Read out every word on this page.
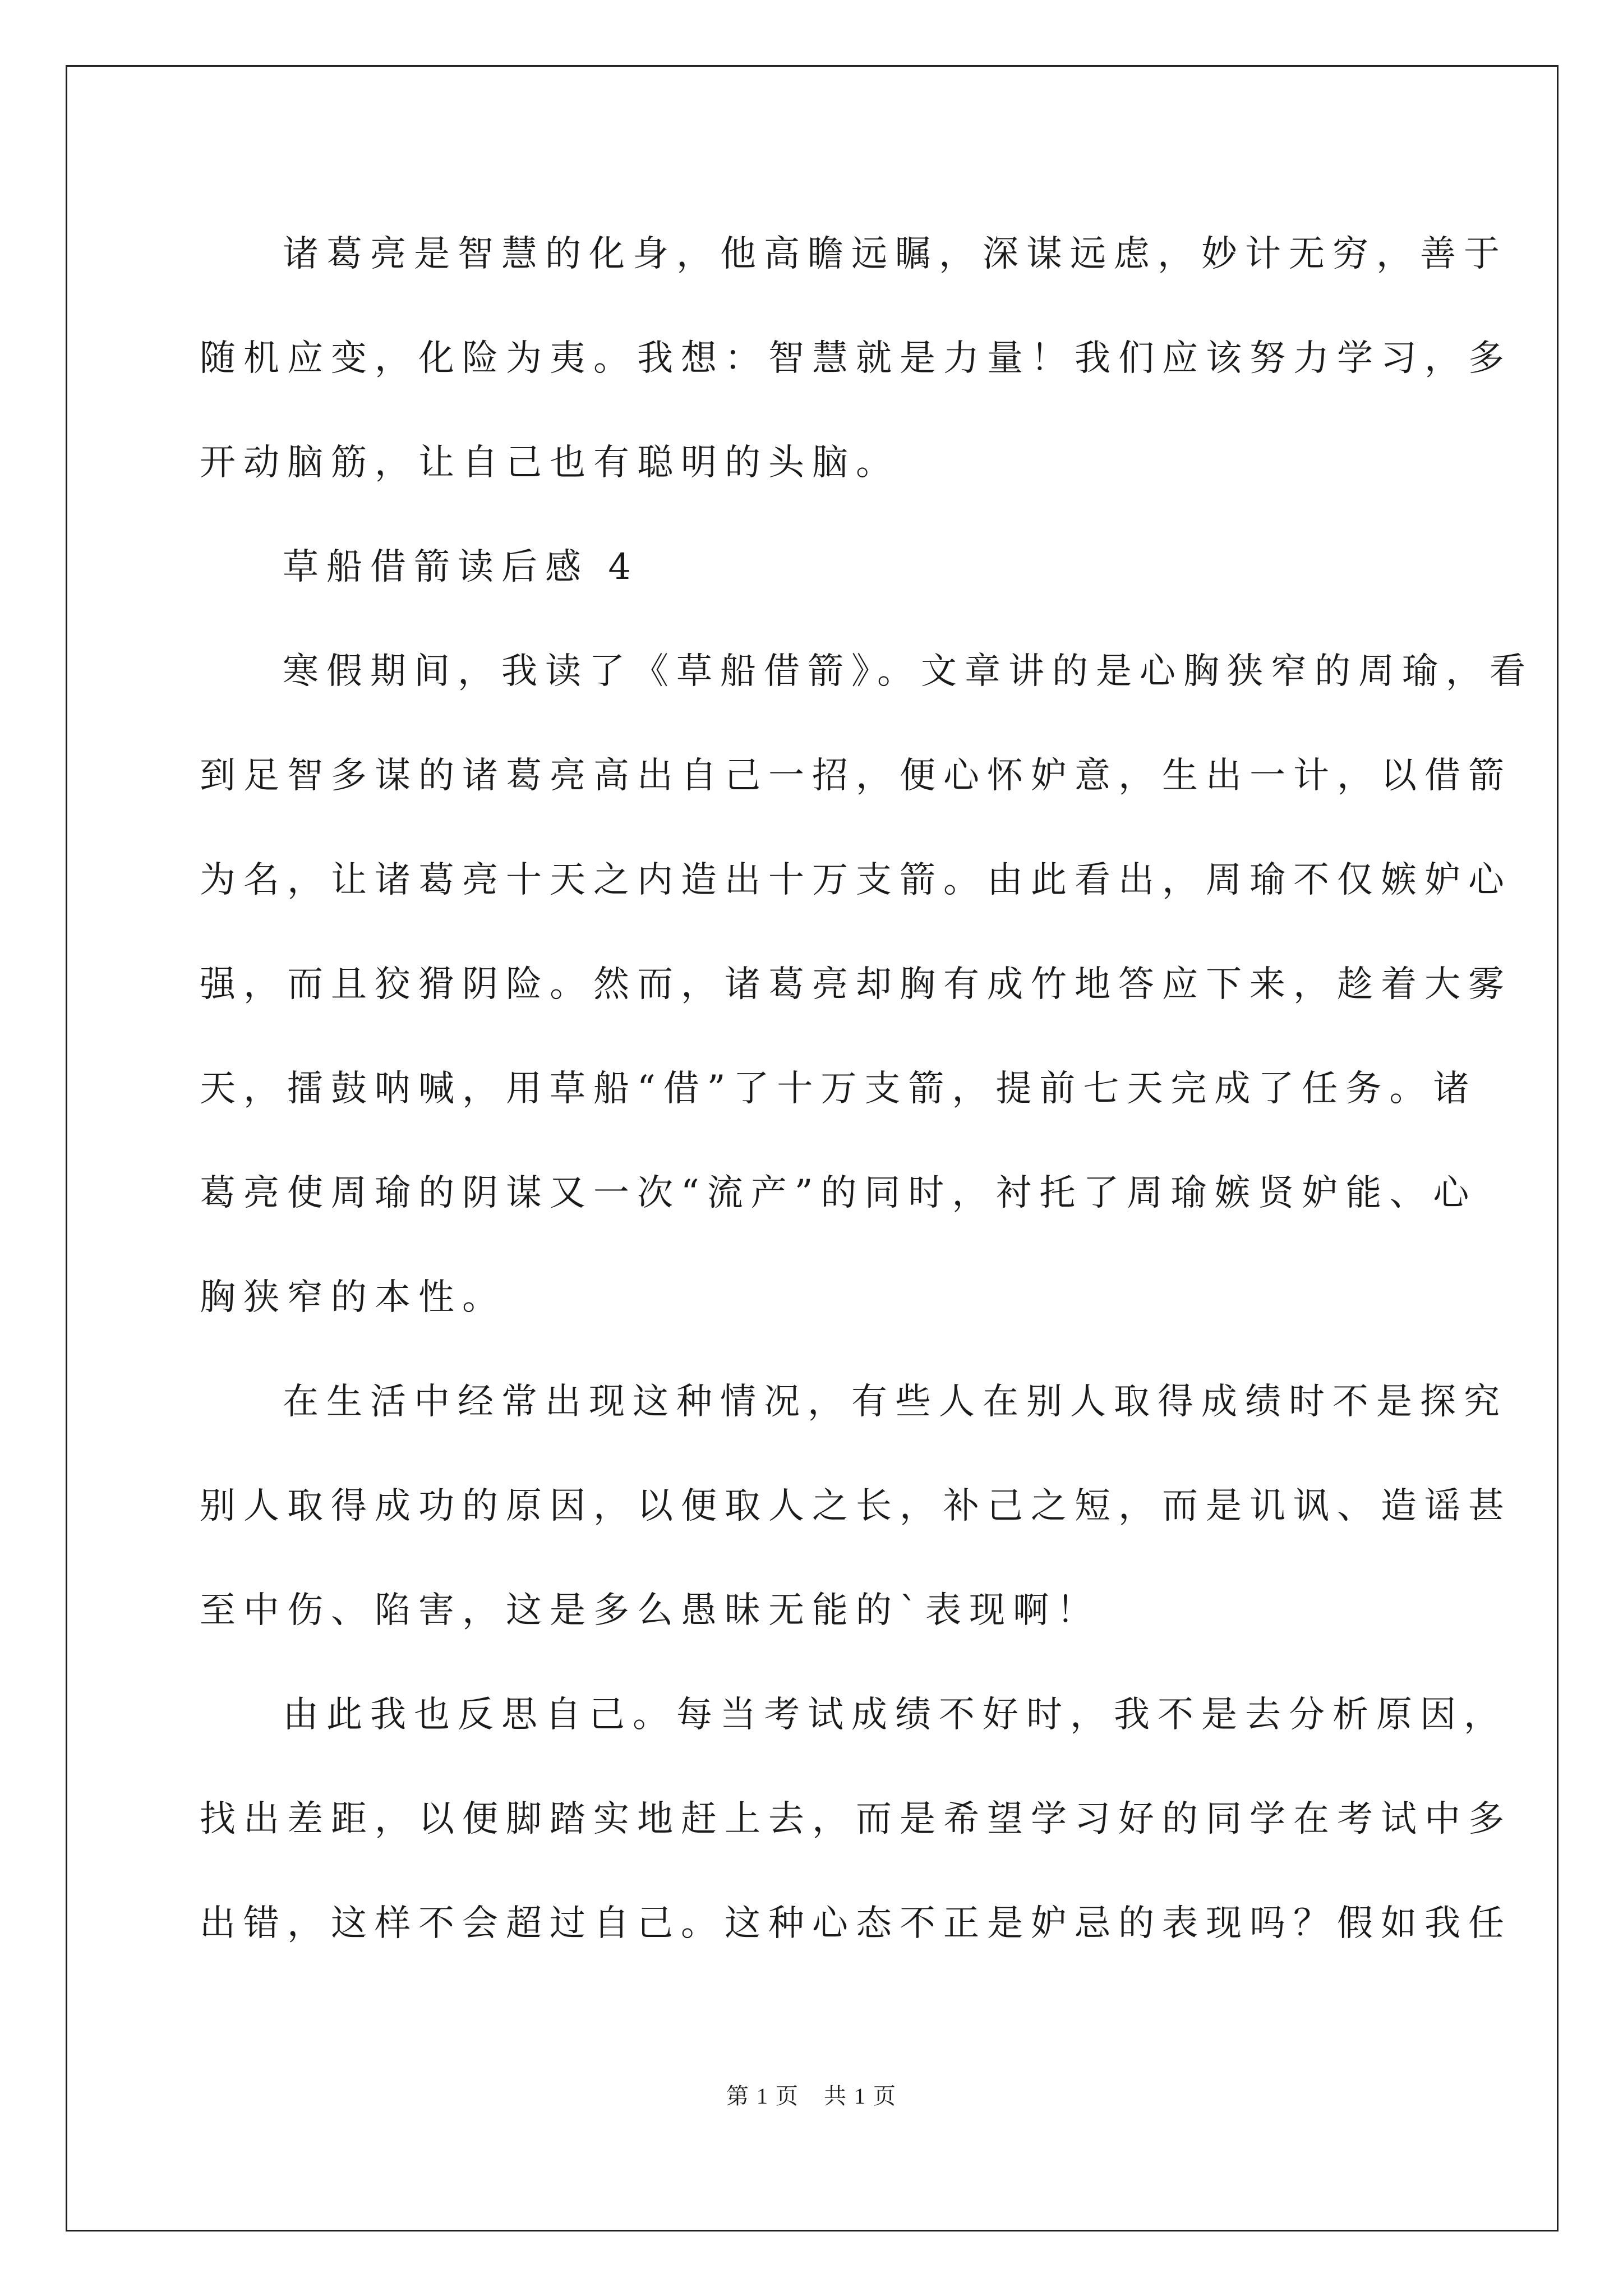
诸葛亮是智慧的化身，他高瞻远瞩，深谋远虑，妙计无穷，善于
随机应变，化险为夷。我想：智慧就是力量！我们应该努力学习，多
开动脑筋，让自己也有聪明的头脑。
草船借箭读后感 4
寒假期间，我读了《草船借箭》。文章讲的是心胸狭窄的周瑜，看
到足智多谋的诸葛亮高出自己一招，便心怀妒意，生出一计，以借箭
为名，让诸葛亮十天之内造出十万支箭。由此看出，周瑜不仅嫉妒心
强，而且狡猾阴险。然而，诸葛亮却胸有成竹地答应下来，趁着大雾
天，擂鼓呐喊，用草船“借”了十万支箭，提前七天完成了任务。诸
葛亮使周瑜的阴谋又一次“流产”的同时，衬托了周瑜嫉贤妒能、心
胸狭窄的本性。
在生活中经常出现这种情况，有些人在别人取得成绩时不是探究
别人取得成功的原因，以便取人之长，补己之短，而是讥讽、造谣甚
至中伤、陷害，这是多么愚昧无能的`表现啊！
由此我也反思自己。每当考试成绩不好时，我不是去分析原因，
找出差距，以便脚踏实地赶上去，而是希望学习好的同学在考试中多
出错，这样不会超过自己。这种心态不正是妒忌的表现吗？假如我任
第 1 页 共 1 页
